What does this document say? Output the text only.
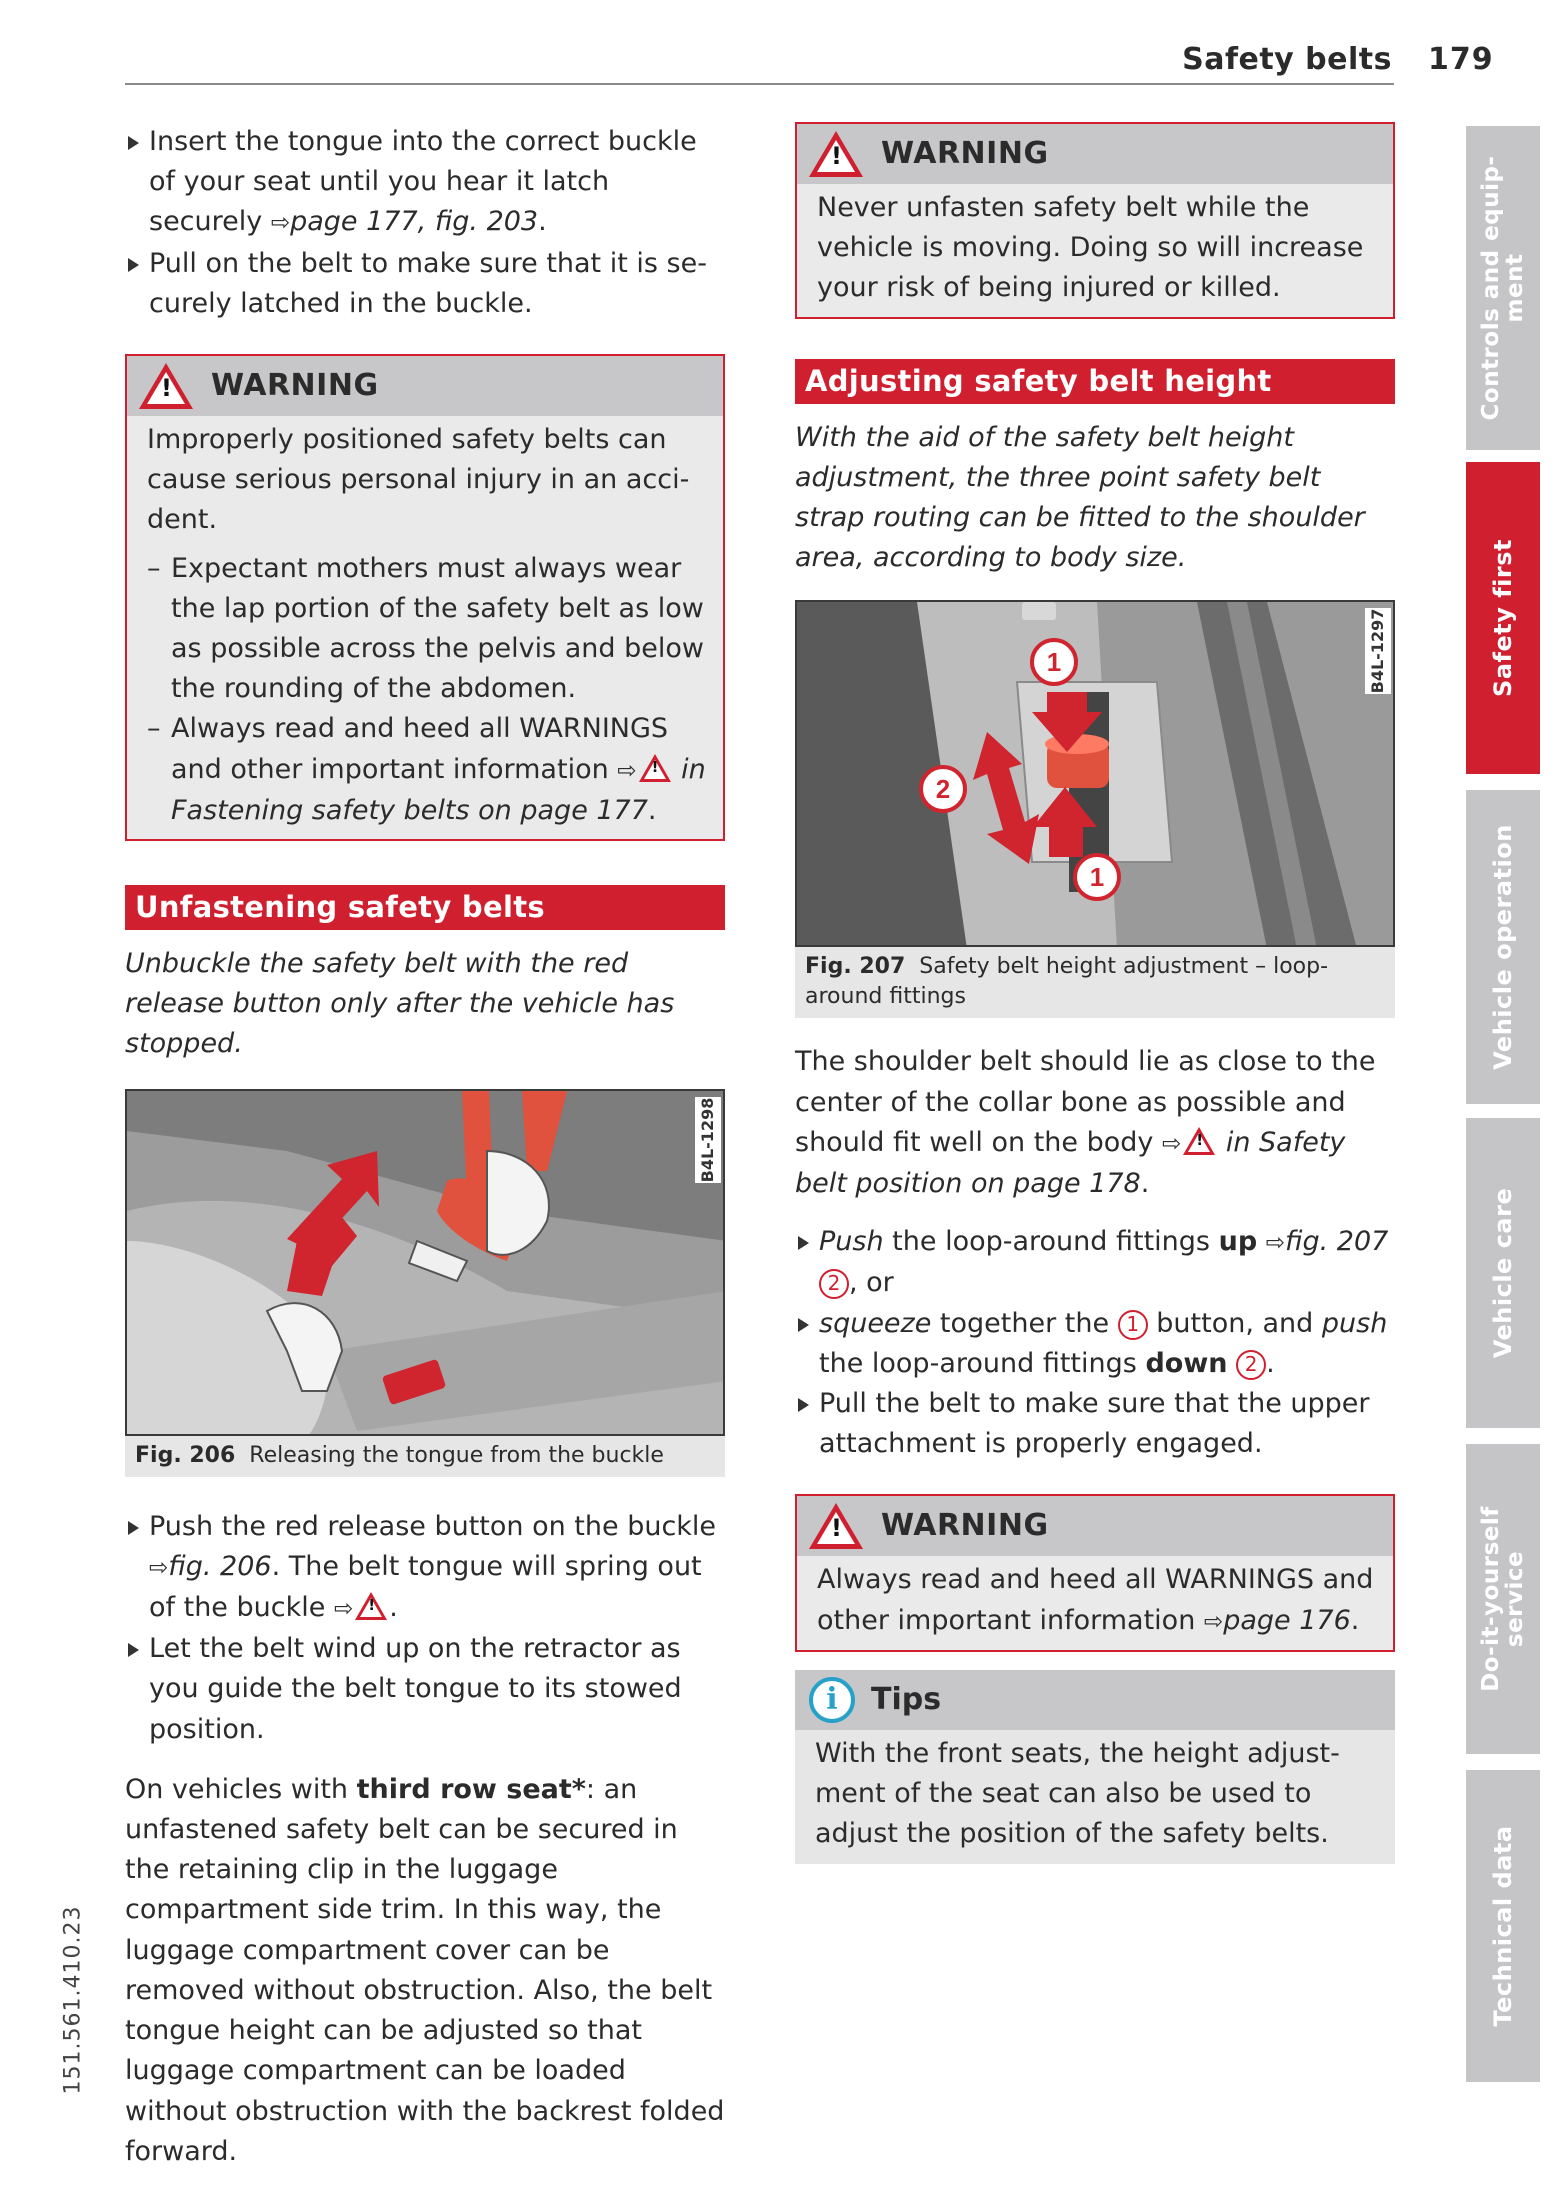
Safety belts 179
Insert the tongue into the correct buckle of your seat until you hear it latch securely ⇨page 177, fig. 203.
Pull on the belt to make sure that it is securely latched in the buckle.
! WARNING
Improperly positioned safety belts can cause serious personal injury in an accident.
– Expectant mothers must always wear the lap portion of the safety belt as low as possible across the pelvis and below the rounding of the abdomen.
– Always read and heed all WARNINGS and other important information ⇨ ! in Fastening safety belts on page 177.
Unfastening safety belts
Unbuckle the safety belt with the red release button only after the vehicle has stopped.
B4L-1298
Fig. 206 Releasing the tongue from the buckle
Push the red release button on the buckle ⇨fig. 206. The belt tongue will spring out of the buckle ⇨ ! .
Let the belt wind up on the retractor as you guide the belt tongue to its stowed position.
On vehicles with third row seat*: an unfastened safety belt can be secured in the retaining clip in the luggage compartment side trim. In this way, the luggage compartment cover can be removed without obstruction. Also, the belt tongue height can be adjusted so that luggage compartment can be loaded without obstruction with the backrest folded forward.
! WARNING
Never unfasten safety belt while the vehicle is moving. Doing so will increase your risk of being injured or killed.
Adjusting safety belt height
With the aid of the safety belt height adjustment, the three point safety belt strap routing can be fitted to the shoulder area, according to body size.
1
1
2
B4L-1297
Fig. 207 Safety belt height adjustment – loop-around fittings
The shoulder belt should lie as close to the center of the collar bone as possible and should fit well on the body ⇨ ! in Safety belt position on page 178.
Push the loop-around fittings up ⇨fig. 207 2 , or
squeeze together the 1 button, and push the loop-around fittings down 2 .
Pull the belt to make sure that the upper attachment is properly engaged.
! WARNING
Always read and heed all WARNINGS and other important information ⇨page 176.
i	Tips
With the front seats, the height adjustment of the seat can also be used to adjust the position of the safety belts.
Controls and equip-
ment
Safety first
Vehicle operation
Vehicle care
Do-it-yourself
service
Technical data
151.561.410.23
